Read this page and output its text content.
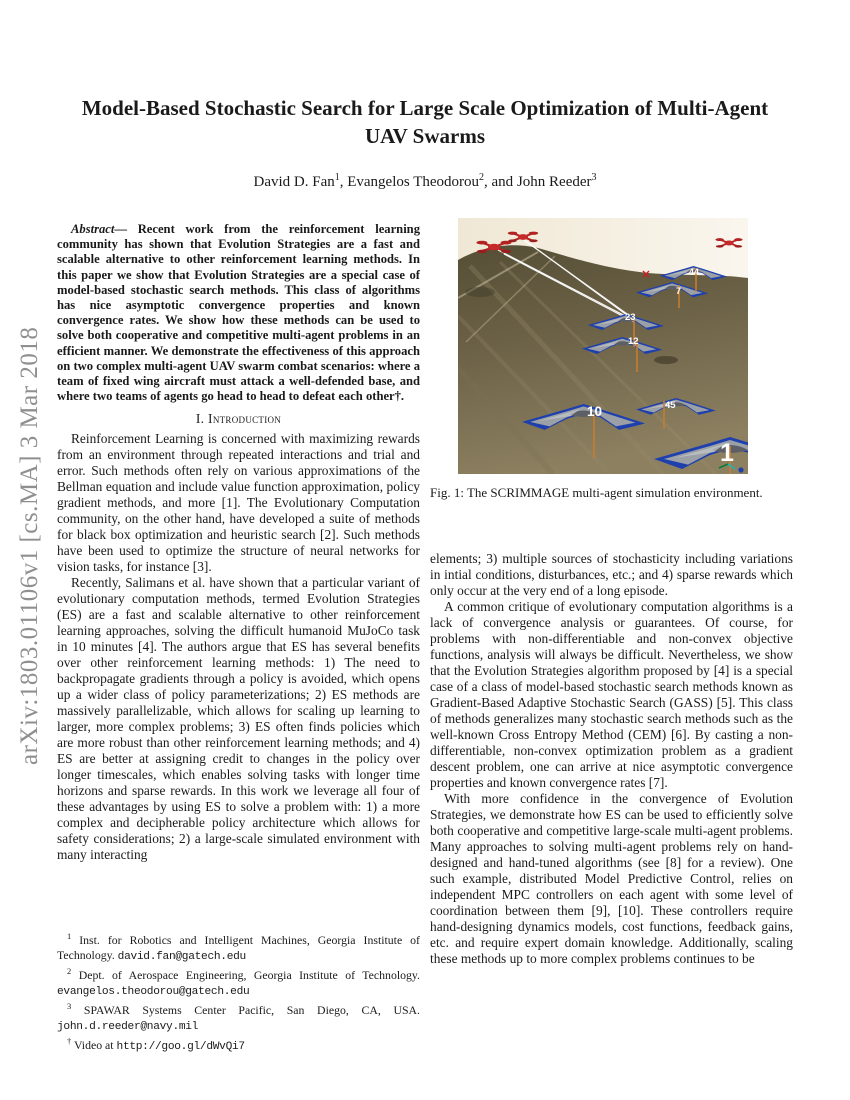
arXiv:1803.01106v1 [cs.MA] 3 Mar 2018
Model-Based Stochastic Search for Large Scale Optimization of Multi-Agent UAV Swarms
David D. Fan$^1$, Evangelos Theodorou$^2$, and John Reeder$^3$

Abstract— Recent work from the reinforcement learning community has shown that Evolution Strategies are a fast and scalable alternative to other reinforcement learning methods. In this paper we show that Evolution Strategies are a special case of model-based stochastic search methods. This class of algorithms has nice asymptotic convergence properties and known convergence rates. We show how these methods can be used to solve both cooperative and competitive multi-agent problems in an efficient manner. We demonstrate the effectiveness of this approach on two complex multi-agent UAV swarm combat scenarios: where a team of fixed wing aircraft must attack a well-defended base, and where two teams of agents go head to head to defeat each other†.

I. Introduction

Reinforcement Learning is concerned with maximizing rewards from an environment through repeated interactions and trial and error. Such methods often rely on various approximations of the Bellman equation and include value function approximation, policy gradient methods, and more [1]. The Evolutionary Computation community, on the other hand, have developed a suite of methods for black box optimization and heuristic search [2]. Such methods have been used to optimize the structure of neural networks for vision tasks, for instance [3].

Recently, Salimans et al. have shown that a particular variant of evolutionary computation methods, termed Evolution Strategies (ES) are a fast and scalable alternative to other reinforcement learning approaches, solving the difficult humanoid MuJoCo task in 10 minutes [4]. The authors argue that ES has several benefits over other reinforcement learning methods: 1) The need to backpropagate gradients through a policy is avoided, which opens up a wider class of policy parameterizations; 2) ES methods are massively parallelizable, which allows for scaling up learning to larger, more complex problems; 3) ES often finds policies which are more robust than other reinforcement learning methods; and 4) ES are better at assigning credit to changes in the policy over longer timescales, which enables solving tasks with longer time horizons and sparse rewards. In this work we leverage all four of these advantages by using ES to solve a problem with: 1) a more complex and decipherable policy architecture which allows for safety considerations; 2) a large-scale simulated environment with many interacting

$^1$ Inst. for Robotics and Intelligent Machines, Georgia Institute of Technology. david.fan@gatech.edu
$^2$ Dept. of Aerospace Engineering, Georgia Institute of Technology. evangelos.theodorou@gatech.edu
$^3$ SPAWAR Systems Center Pacific, San Diego, CA, USA. john.d.reeder@navy.mil
† Video at http://goo.gl/dWvQi7
44
7
23
12
10	45
1
Fig. 1: The SCRIMMAGE multi-agent simulation environment.

elements; 3) multiple sources of stochasticity including variations in intial conditions, disturbances, etc.; and 4) sparse rewards which only occur at the very end of a long episode.

A common critique of evolutionary computation algorithms is a lack of convergence analysis or guarantees. Of course, for problems with non-differentiable and non-convex objective functions, analysis will always be difficult. Nevertheless, we show that the Evolution Strategies algorithm proposed by [4] is a special case of a class of model-based stochastic search methods known as Gradient-Based Adaptive Stochastic Search (GASS) [5]. This class of methods generalizes many stochastic search methods such as the well-known Cross Entropy Method (CEM) [6]. By casting a non-differentiable, non-convex optimization problem as a gradient descent problem, one can arrive at nice asymptotic convergence properties and known convergence rates [7].

With more confidence in the convergence of Evolution Strategies, we demonstrate how ES can be used to efficiently solve both cooperative and competitive large-scale multi-agent problems. Many approaches to solving multi-agent problems rely on hand-designed and hand-tuned algorithms (see [8] for a review). One such example, distributed Model Predictive Control, relies on independent MPC controllers on each agent with some level of coordination between them [9], [10]. These controllers require hand-designing dynamics models, cost functions, feedback gains, etc. and require expert domain knowledge. Additionally, scaling these methods up to more complex problems continues to be
